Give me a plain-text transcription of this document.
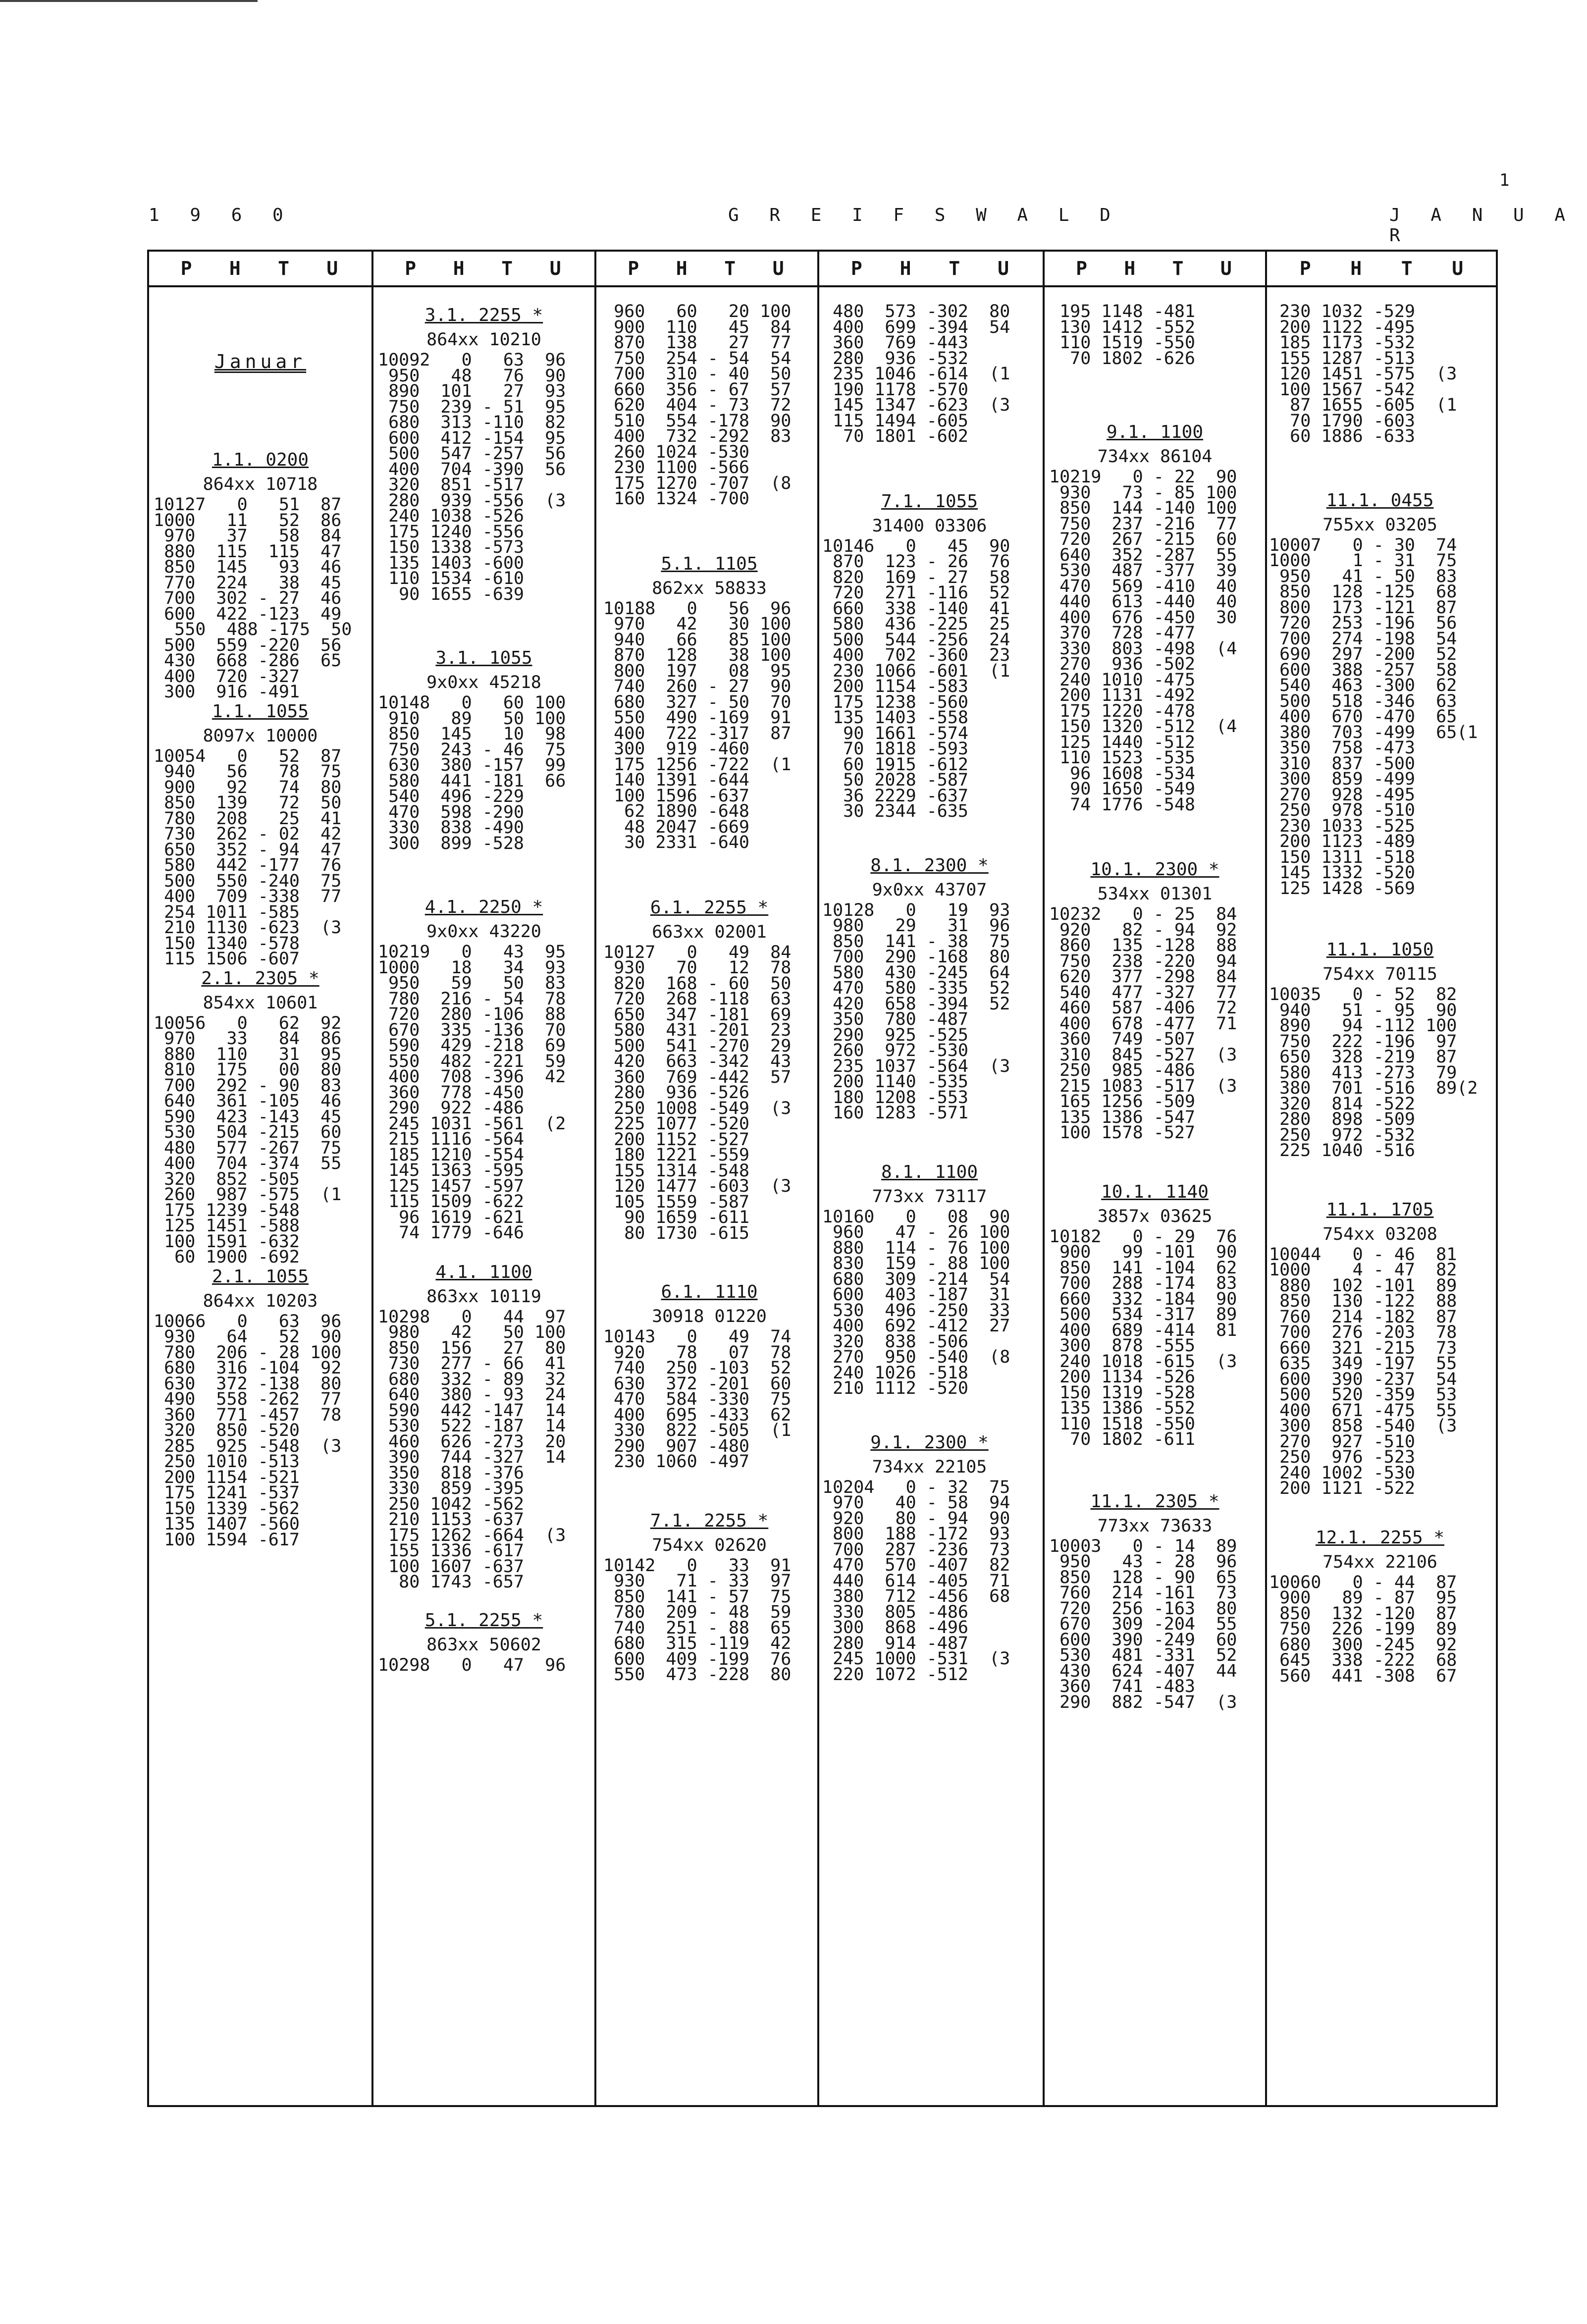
1
1 9 6 0	G R E I F S W A L D	J A N U A R
P H T U	P H T U	P H T U	P H T U	P H T U	P H T U
Januar
1.1. 0200
864xx 10718
10127   0   51  87
1000   11   52  86
970   37   58  84
880  115  115  47
850  145   93  46
770  224   38  45
700  302 - 27  46
600  422 -123  49
550  488 -175  50
500  559 -220  56
430  668 -286  65
400  720 -327
300  916 -491
1.1. 1055
8097x 10000
10054   0   52  87
940   56   78  75
900   92   74  80
850  139   72  50
780  208   25  41
730  262 - 02  42
650  352 - 94  47
580  442 -177  76
500  550 -240  75
400  709 -338  77
254 1011 -585
210 1130 -623  (3
150 1340 -578
115 1506 -607
2.1. 2305 *
854xx 10601
10056   0   62  92
970   33   84  86
880  110   31  95
810  175   00  80
700  292 - 90  83
640  361 -105  46
590  423 -143  45
530  504 -215  60
480  577 -267  75
400  704 -374  55
320  852 -505
260  987 -575  (1
175 1239 -548
125 1451 -588
100 1591 -632
60 1900 -692
2.1. 1055
864xx 10203
10066   0   63  96
930   64   52  90
780  206 - 28 100
680  316 -104  92
630  372 -138  80
490  558 -262  77
360  771 -457  78
320  850 -520
285  925 -548  (3
250 1010 -513
200 1154 -521
175 1241 -537
150 1339 -562
135 1407 -560
100 1594 -617
3.1. 2255 *
864xx 10210
10092   0   63  96
950   48   76  90
890  101   27  93
750  239 - 51  95
680  313 -110  82
600  412 -154  95
500  547 -257  56
400  704 -390  56
320  851 -517
280  939 -556  (3
240 1038 -526
175 1240 -556
150 1338 -573
135 1403 -600
110 1534 -610
90 1655 -639
3.1. 1055
9x0xx 45218
10148   0   60 100
910   89   50 100
850  145   10  98
750  243 - 46  75
630  380 -157  99
580  441 -181  66
540  496 -229
470  598 -290
330  838 -490
300  899 -528
4.1. 2250 *
9x0xx 43220
10219   0   43  95
1000   18   34  93
950   59   50  83
780  216 - 54  78
720  280 -106  88
670  335 -136  70
590  429 -218  69
550  482 -221  59
400  708 -396  42
360  778 -450
290  922 -486
245 1031 -561  (2
215 1116 -564
185 1210 -554
145 1363 -595
125 1457 -597
115 1509 -622
96 1619 -621
74 1779 -646
4.1. 1100
863xx 10119
10298   0   44  97
980   42   50 100
850  156   27  80
730  277 - 66  41
680  332 - 89  32
640  380 - 93  24
590  442 -147  14
530  522 -187  14
460  626 -273  20
390  744 -327  14
350  818 -376
330  859 -395
250 1042 -562
210 1153 -637
175 1262 -664  (3
155 1336 -617
100 1607 -637
80 1743 -657
5.1. 2255 *
863xx 50602
10298   0   47  96
960   60   20 100
900  110   45  84
870  138   27  77
750  254 - 54  54
700  310 - 40  50
660  356 - 67  57
620  404 - 73  72
510  554 -178  90
400  732 -292  83
260 1024 -530
230 1100 -566
175 1270 -707  (8
160 1324 -700
5.1. 1105
862xx 58833
10188   0   56  96
970   42   30 100
940   66   85 100
870  128   38 100
800  197   08  95
740  260 - 27  90
680  327 - 50  70
550  490 -169  91
400  722 -317  87
300  919 -460
175 1256 -722  (1
140 1391 -644
100 1596 -637
62 1890 -648
48 2047 -669
30 2331 -640
6.1. 2255 *
663xx 02001
10127   0   49  84
930   70   12  78
820  168 - 60  50
720  268 -118  63
650  347 -181  69
580  431 -201  23
500  541 -270  29
420  663 -342  43
360  769 -442  57
280  936 -526
250 1008 -549  (3
225 1077 -520
200 1152 -527
180 1221 -559
155 1314 -548
120 1477 -603  (3
105 1559 -587
90 1659 -611
80 1730 -615
6.1. 1110
30918 01220
10143   0   49  74
920   78   07  78
740  250 -103  52
630  372 -201  60
470  584 -330  75
400  695 -433  62
330  822 -505  (1
290  907 -480
230 1060 -497
7.1. 2255 *
754xx 02620
10142   0   33  91
930   71 - 33  97
850  141 - 57  75
780  209 - 48  59
740  251 - 88  65
680  315 -119  42
600  409 -199  76
550  473 -228  80
480  573 -302  80
400  699 -394  54
360  769 -443
280  936 -532
235 1046 -614  (1
190 1178 -570
145 1347 -623  (3
115 1494 -605
70 1801 -602
7.1. 1055
31400 03306
10146   0   45  90
870  123 - 26  76
820  169 - 27  58
720  271 -116  52
660  338 -140  41
580  436 -225  25
500  544 -256  24
400  702 -360  23
230 1066 -601  (1
200 1154 -583
175 1238 -560
135 1403 -558
90 1661 -574
70 1818 -593
60 1915 -612
50 2028 -587
36 2229 -637
30 2344 -635
8.1. 2300 *
9x0xx 43707
10128   0   19  93
980   29   31  96
850  141 - 38  75
700  290 -168  80
580  430 -245  64
470  580 -335  52
420  658 -394  52
350  780 -487
290  925 -525
260  972 -530
235 1037 -564  (3
200 1140 -535
180 1208 -553
160 1283 -571
8.1. 1100
773xx 73117
10160   0   08  90
960   47 - 26 100
880  114 - 76 100
830  159 - 88 100
680  309 -214  54
600  403 -187  31
530  496 -250  33
400  692 -412  27
320  838 -506
270  950 -540  (8
240 1026 -518
210 1112 -520
9.1. 2300 *
734xx 22105
10204   0 - 32  75
970   40 - 58  94
920   80 - 94  90
800  188 -172  93
700  287 -236  73
470  570 -407  82
440  614 -405  71
380  712 -456  68
330  805 -486
300  868 -496
280  914 -487
245 1000 -531  (3
220 1072 -512
195 1148 -481
130 1412 -552
110 1519 -550
70 1802 -626
9.1. 1100
734xx 86104
10219   0 - 22  90
930   73 - 85 100
850  144 -140 100
750  237 -216  77
720  267 -215  60
640  352 -287  55
530  487 -377  39
470  569 -410  40
440  613 -440  40
400  676 -450  30
370  728 -477
330  803 -498  (4
270  936 -502
240 1010 -475
200 1131 -492
175 1220 -478
150 1320 -512  (4
125 1440 -512
110 1523 -535
96 1608 -534
90 1650 -549
74 1776 -548
10.1. 2300 *
534xx 01301
10232   0 - 25  84
920   82 - 94  92
860  135 -128  88
750  238 -220  94
620  377 -298  84
540  477 -327  77
460  587 -406  72
400  678 -477  71
360  749 -507
310  845 -527  (3
250  985 -486
215 1083 -517  (3
165 1256 -509
135 1386 -547
100 1578 -527
10.1. 1140
3857x 03625
10182   0 - 29  76
900   99 -101  90
850  141 -104  62
700  288 -174  83
660  332 -184  90
500  534 -317  89
400  689 -414  81
300  878 -555
240 1018 -615  (3
200 1134 -526
150 1319 -528
135 1386 -552
110 1518 -550
70 1802 -611
11.1. 2305 *
773xx 73633
10003   0 - 14  89
950   43 - 28  96
850  128 - 90  65
760  214 -161  73
720  256 -163  80
670  309 -204  55
600  390 -249  60
530  481 -331  52
430  624 -407  44
360  741 -483
290  882 -547  (3
230 1032 -529
200 1122 -495
185 1173 -532
155 1287 -513
120 1451 -575  (3
100 1567 -542
87 1655 -605  (1
70 1790 -603
60 1886 -633
11.1. 0455
755xx 03205
10007   0 - 30  74
1000    1 - 31  75
950   41 - 50  83
850  128 -125  68
800  173 -121  87
720  253 -196  56
700  274 -198  54
690  297 -200  52
600  388 -257  58
540  463 -300  62
500  518 -346  63
400  670 -470  65
380  703 -499  65(1
350  758 -473
310  837 -500
300  859 -499
270  928 -495
250  978 -510
230 1033 -525
200 1123 -489
150 1311 -518
145 1332 -520
125 1428 -569
11.1. 1050
754xx 70115
10035   0 - 52  82
940   51 - 95  90
890   94 -112 100
750  222 -196  97
650  328 -219  87
580  413 -273  79
380  701 -516  89(2
320  814 -522
280  898 -509
250  972 -532
225 1040 -516
11.1. 1705
754xx 03208
10044   0 - 46  81
1000    4 - 47  82
880  102 -101  89
850  130 -122  88
760  214 -182  87
700  276 -203  78
660  321 -215  73
635  349 -197  55
600  390 -237  54
500  520 -359  53
400  671 -475  55
300  858 -540  (3
270  927 -510
250  976 -523
240 1002 -530
200 1121 -522
12.1. 2255 *
754xx 22106
10060   0 - 44  87
900   89 - 87  95
850  132 -120  87
750  226 -199  89
680  300 -245  92
645  338 -222  68
560  441 -308  67
